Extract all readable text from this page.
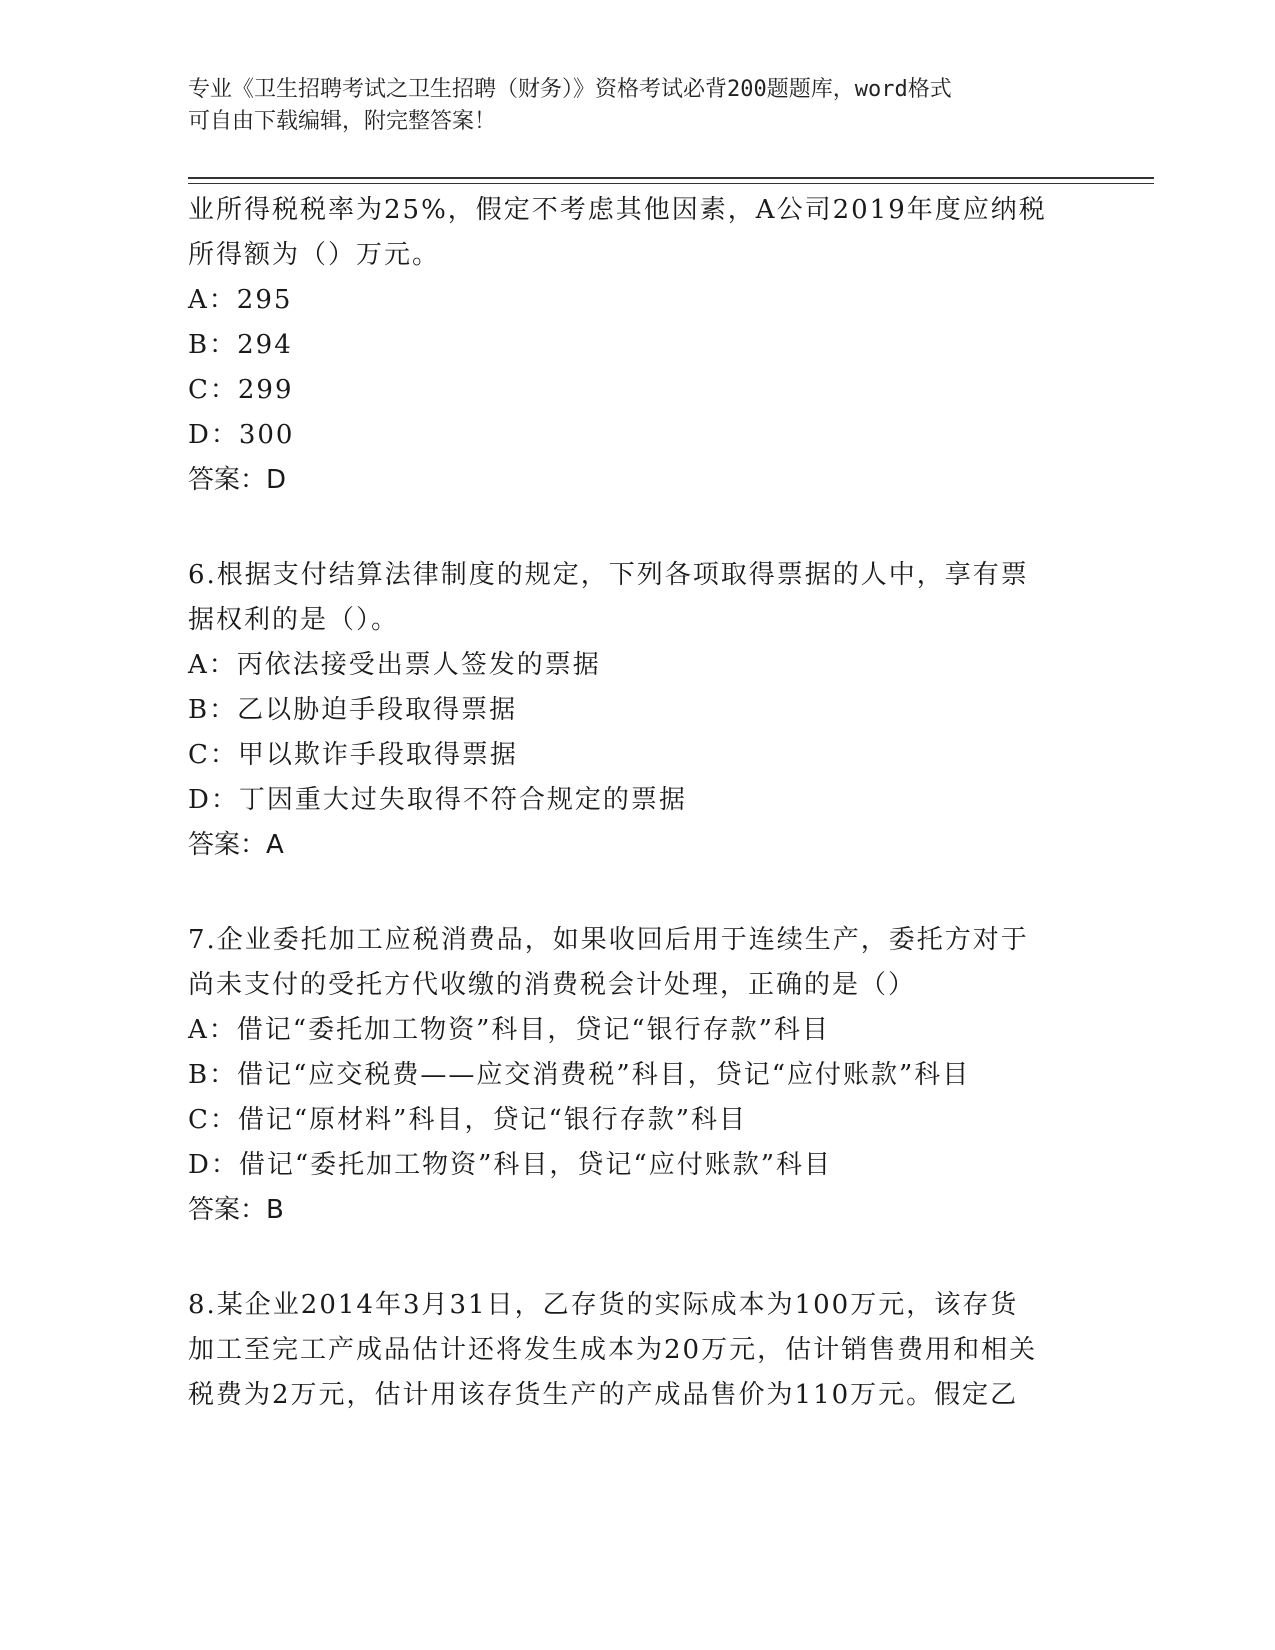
专业《卫生招聘考试之卫生招聘（财务）》资格考试必背200题题库，word格式
可自由下载编辑，附完整答案！
业所得税税率为25%，假定不考虑其他因素，A公司2019年度应纳税
所得额为（）万元。
A：295
B：294
C：299
D：300
答案：D
6.根据支付结算法律制度的规定，下列各项取得票据的人中，享有票
据权利的是（）。
A：丙依法接受出票人签发的票据
B：乙以胁迫手段取得票据
C：甲以欺诈手段取得票据
D：丁因重大过失取得不符合规定的票据
答案：A
7.企业委托加工应税消费品，如果收回后用于连续生产，委托方对于
尚未支付的受托方代收缴的消费税会计处理，正确的是（）
A：借记“委托加工物资”科目，贷记“银行存款”科目
B：借记“应交税费——应交消费税”科目，贷记“应付账款”科目
C：借记“原材料”科目，贷记“银行存款”科目
D：借记“委托加工物资”科目，贷记“应付账款”科目
答案：B
8.某企业2014年3月31日，乙存货的实际成本为100万元，该存货
加工至完工产成品估计还将发生成本为20万元，估计销售费用和相关
税费为2万元，估计用该存货生产的产成品售价为110万元。假定乙
